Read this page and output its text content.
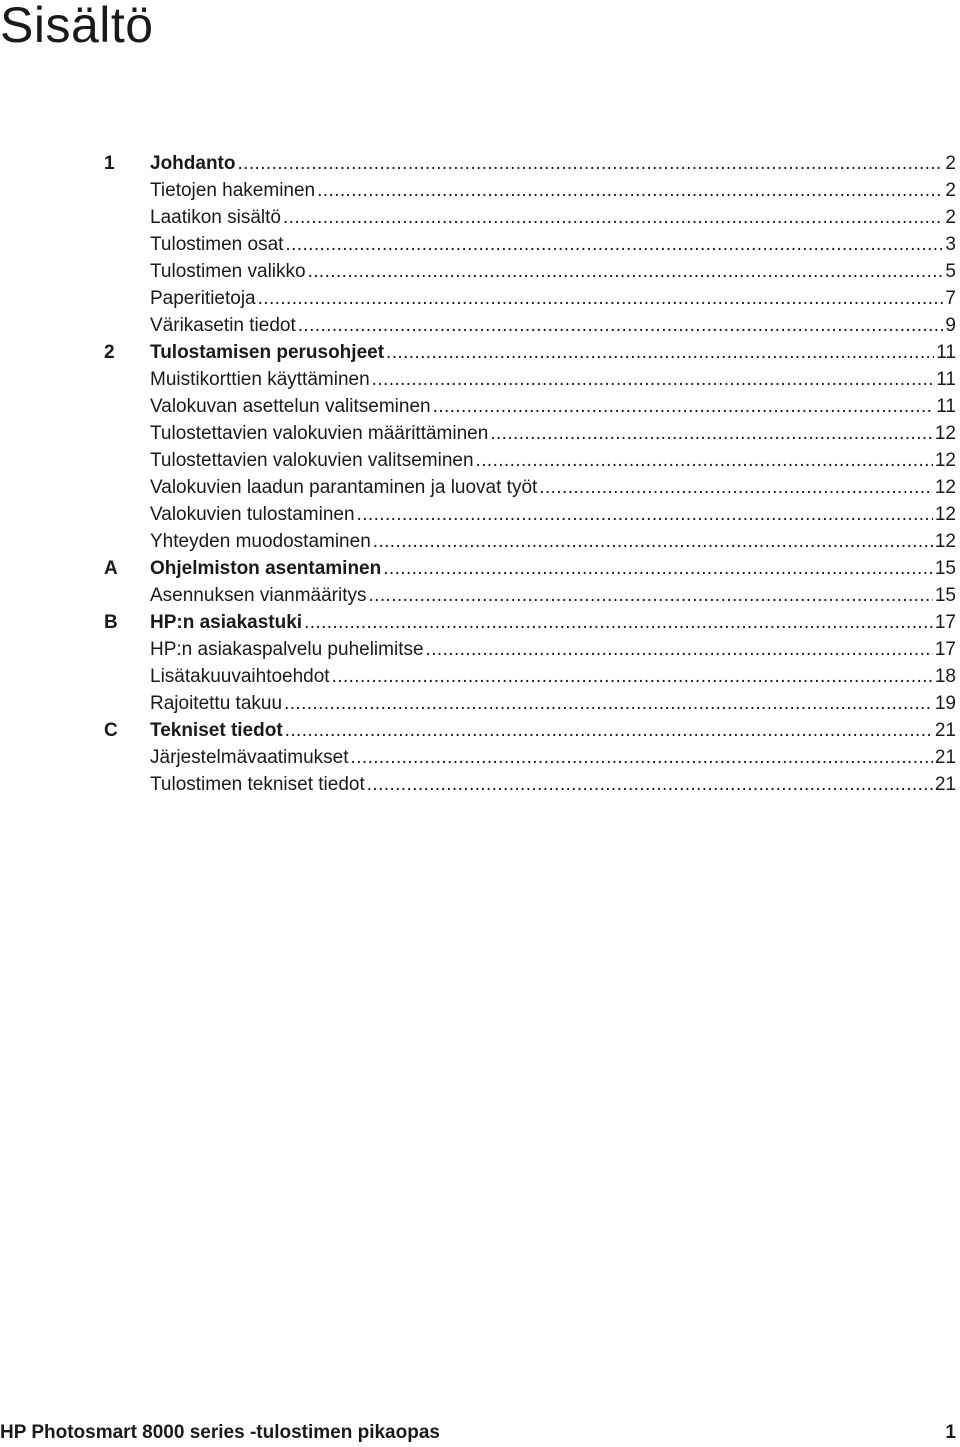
Sisältö
1	Johdanto .....	2
Tietojen hakeminen .....	2
Laatikon sisältö .....	2
Tulostimen osat .....	3
Tulostimen valikko .....	5
Paperitietoja .....	7
Värikasetin tiedot .....	9
2	Tulostamisen perusohjeet .....	11
Muistikorttien käyttäminen .....	11
Valokuvan asettelun valitseminen .....	11
Tulostettavien valokuvien määrittäminen .....	12
Tulostettavien valokuvien valitseminen .....	12
Valokuvien laadun parantaminen ja luovat työt .....	12
Valokuvien tulostaminen .....	12
Yhteyden muodostaminen .....	12
A	Ohjelmiston asentaminen .....	15
Asennuksen vianmääritys .....	15
B	HP:n asiakastuki .....	17
HP:n asiakaspalvelu puhelimitse .....	17
Lisätakuuvaihtoehdot .....	18
Rajoitettu takuu .....	19
C	Tekniset tiedot .....	21
Järjestelmävaatimukset .....	21
Tulostimen tekniset tiedot .....	21
HP Photosmart 8000 series -tulostimen pikaopas	1
